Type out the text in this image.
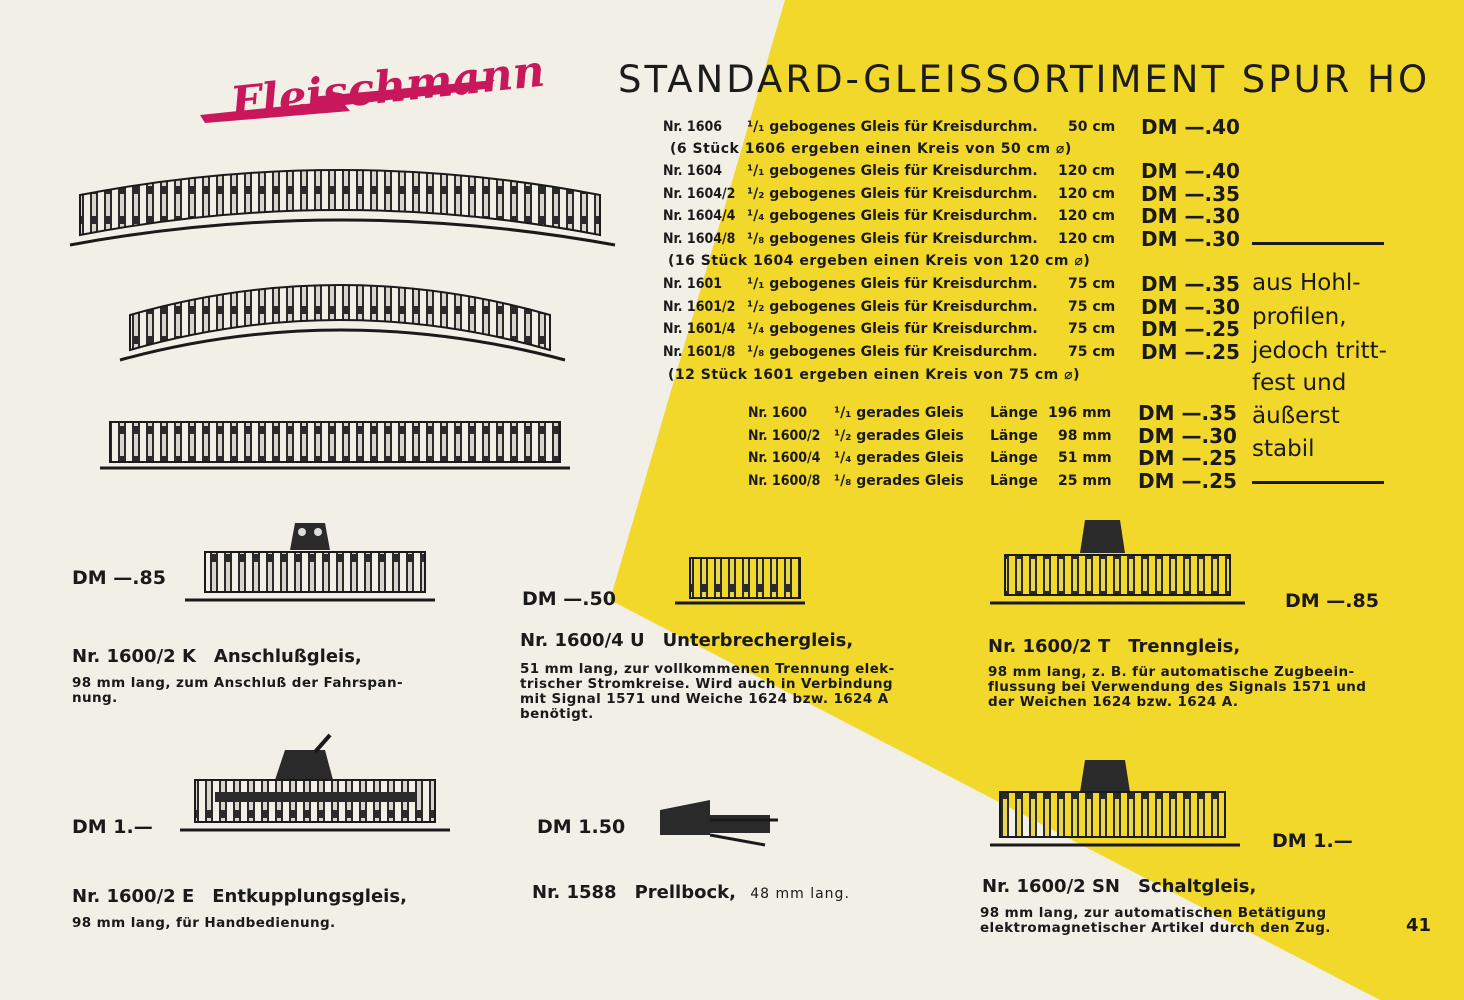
Fleischmann STANDARD-GLEISSORTIMENT SPUR HO
Nr. 1606 ¹/₁ gebogenes Gleis für Kreisdurchm. 50 cm DM —.40
(6 Stück 1606 ergeben einen Kreis von 50 cm ⌀)
Nr. 1604 ¹/₁ gebogenes Gleis für Kreisdurchm. 120 cm DM —.40
Nr. 1604/2 ¹/₂ gebogenes Gleis für Kreisdurchm. 120 cm DM —.35
Nr. 1604/4 ¹/₄ gebogenes Gleis für Kreisdurchm. 120 cm DM —.30
Nr. 1604/8 ¹/₈ gebogenes Gleis für Kreisdurchm. 120 cm DM —.30
(16 Stück 1604 ergeben einen Kreis von 120 cm ⌀)
Nr. 1601 ¹/₁ gebogenes Gleis für Kreisdurchm. 75 cm DM —.35
Nr. 1601/2 ¹/₂ gebogenes Gleis für Kreisdurchm. 75 cm DM —.30
Nr. 1601/4 ¹/₄ gebogenes Gleis für Kreisdurchm. 75 cm DM —.25
Nr. 1601/8 ¹/₈ gebogenes Gleis für Kreisdurchm. 75 cm DM —.25
(12 Stück 1601 ergeben einen Kreis von 75 cm ⌀)
Nr. 1600 ¹/₁ gerades Gleis Länge 196 mm DM —.35
Nr. 1600/2 ¹/₂ gerades Gleis Länge 98 mm DM —.30
Nr. 1600/4 ¹/₄ gerades Gleis Länge 51 mm DM —.25
Nr. 1600/8 ¹/₈ gerades Gleis Länge 25 mm DM —.25
aus Hohl-
profilen,
jedoch tritt-
fest und
äußerst
stabil
DM —.85
Nr. 1600/2 K Anschlußgleis,
98 mm lang, zum Anschluß der Fahrspan-
nung.
DM —.50
Nr. 1600/4 U Unterbrechergleis,
51 mm lang, zur vollkommenen Trennung elek-
trischer Stromkreise. Wird auch in Verbindung
mit Signal 1571 und Weiche 1624 bzw. 1624 A
benötigt.
DM —.85
Nr. 1600/2 T Trenngleis,
98 mm lang, z. B. für automatische Zugbeein-
flussung bei Verwendung des Signals 1571 und
der Weichen 1624 bzw. 1624 A.
DM 1.—
Nr. 1600/2 E Entkupplungsgleis,
98 mm lang, für Handbedienung.
DM 1.50
Nr. 1588 Prellbock, 48 mm lang.
DM 1.—
Nr. 1600/2 SN Schaltgleis,
98 mm lang, zur automatischen Betätigung
elektromagnetischer Artikel durch den Zug.	41
